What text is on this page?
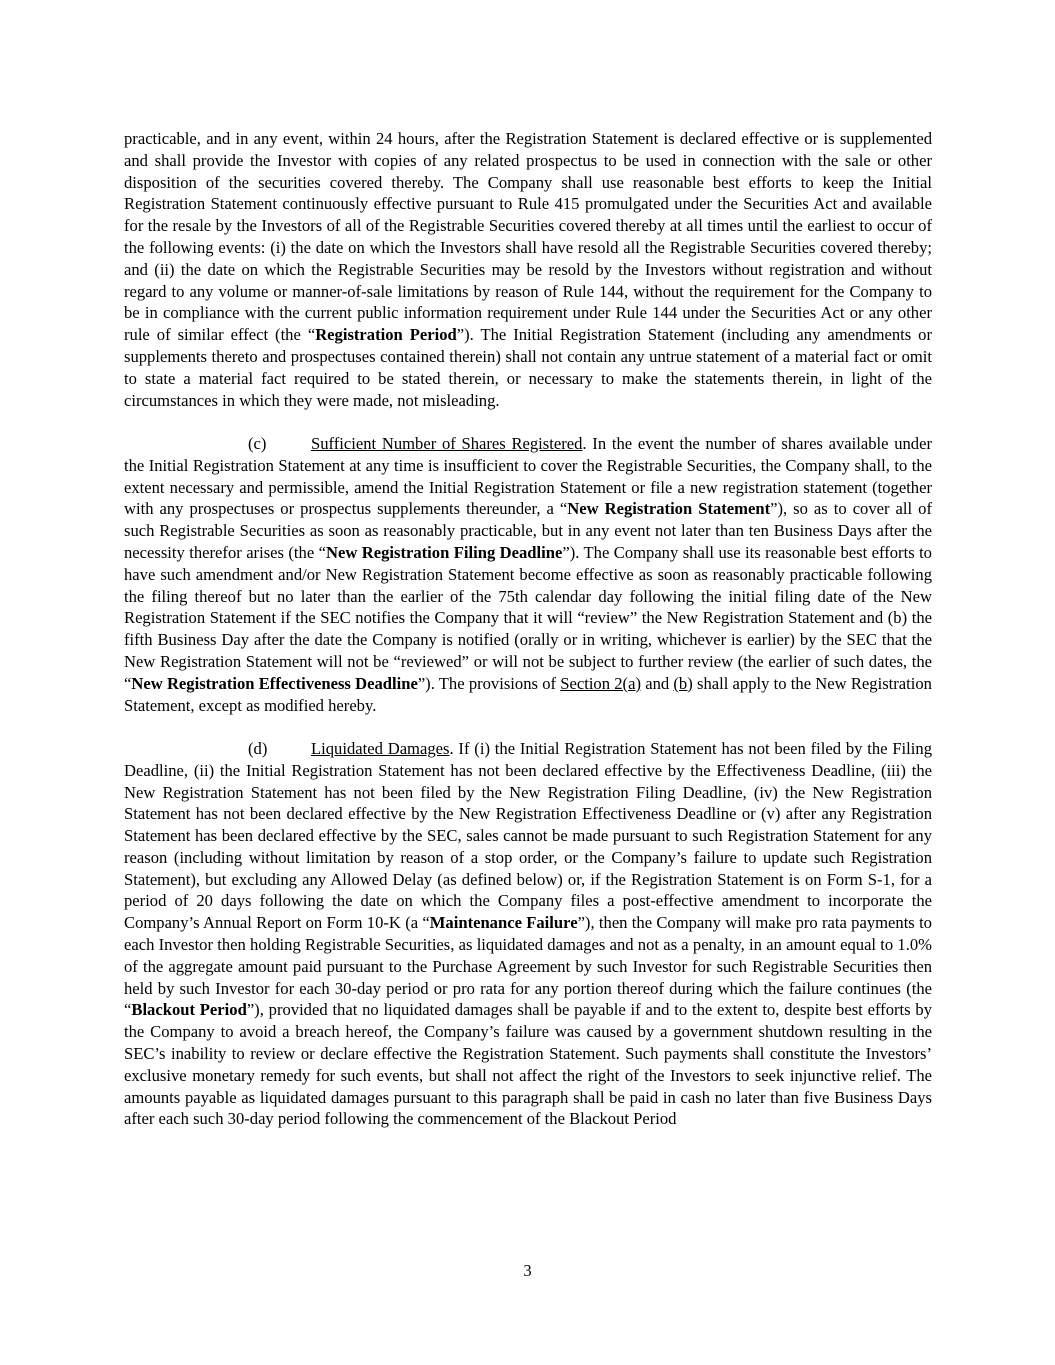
practicable, and in any event, within 24 hours, after the Registration Statement is declared effective or is supplemented and shall provide the Investor with copies of any related prospectus to be used in connection with the sale or other disposition of the securities covered thereby. The Company shall use reasonable best efforts to keep the Initial Registration Statement continuously effective pursuant to Rule 415 promulgated under the Securities Act and available for the resale by the Investors of all of the Registrable Securities covered thereby at all times until the earliest to occur of the following events: (i) the date on which the Investors shall have resold all the Registrable Securities covered thereby; and (ii) the date on which the Registrable Securities may be resold by the Investors without registration and without regard to any volume or manner-of-sale limitations by reason of Rule 144, without the requirement for the Company to be in compliance with the current public information requirement under Rule 144 under the Securities Act or any other rule of similar effect (the “Registration Period”). The Initial Registration Statement (including any amendments or supplements thereto and prospectuses contained therein) shall not contain any untrue statement of a material fact or omit to state a material fact required to be stated therein, or necessary to make the statements therein, in light of the circumstances in which they were made, not misleading.

(c)	Sufficient Number of Shares Registered. In the event the number of shares available under the Initial Registration Statement at any time is insufficient to cover the Registrable Securities, the Company shall, to the extent necessary and permissible, amend the Initial Registration Statement or file a new registration statement (together with any prospectuses or prospectus supplements thereunder, a “New Registration Statement”), so as to cover all of such Registrable Securities as soon as reasonably practicable, but in any event not later than ten Business Days after the necessity therefor arises (the “New Registration Filing Deadline”). The Company shall use its reasonable best efforts to have such amendment and/or New Registration Statement become effective as soon as reasonably practicable following the filing thereof but no later than the earlier of the 75th calendar day following the initial filing date of the New Registration Statement if the SEC notifies the Company that it will “review” the New Registration Statement and (b) the fifth Business Day after the date the Company is notified (orally or in writing, whichever is earlier) by the SEC that the New Registration Statement will not be “reviewed” or will not be subject to further review (the earlier of such dates, the “New Registration Effectiveness Deadline”). The provisions of Section 2(a) and (b) shall apply to the New Registration Statement, except as modified hereby.

(d)	Liquidated Damages. If (i) the Initial Registration Statement has not been filed by the Filing Deadline, (ii) the Initial Registration Statement has not been declared effective by the Effectiveness Deadline, (iii) the New Registration Statement has not been filed by the New Registration Filing Deadline, (iv) the New Registration Statement has not been declared effective by the New Registration Effectiveness Deadline or (v) after any Registration Statement has been declared effective by the SEC, sales cannot be made pursuant to such Registration Statement for any reason (including without limitation by reason of a stop order, or the Company’s failure to update such Registration Statement), but excluding any Allowed Delay (as defined below) or, if the Registration Statement is on Form S-1, for a period of 20 days following the date on which the Company files a post-effective amendment to incorporate the Company’s Annual Report on Form 10-K (a “Maintenance Failure”), then the Company will make pro rata payments to each Investor then holding Registrable Securities, as liquidated damages and not as a penalty, in an amount equal to 1.0% of the aggregate amount paid pursuant to the Purchase Agreement by such Investor for such Registrable Securities then held by such Investor for each 30-day period or pro rata for any portion thereof during which the failure continues (the “Blackout Period”), provided that no liquidated damages shall be payable if and to the extent to, despite best efforts by the Company to avoid a breach hereof, the Company’s failure was caused by a government shutdown resulting in the SEC’s inability to review or declare effective the Registration Statement. Such payments shall constitute the Investors’ exclusive monetary remedy for such events, but shall not affect the right of the Investors to seek injunctive relief. The amounts payable as liquidated damages pursuant to this paragraph shall be paid in cash no later than five Business Days after each such 30-day period following the commencement of the Blackout Period

3
